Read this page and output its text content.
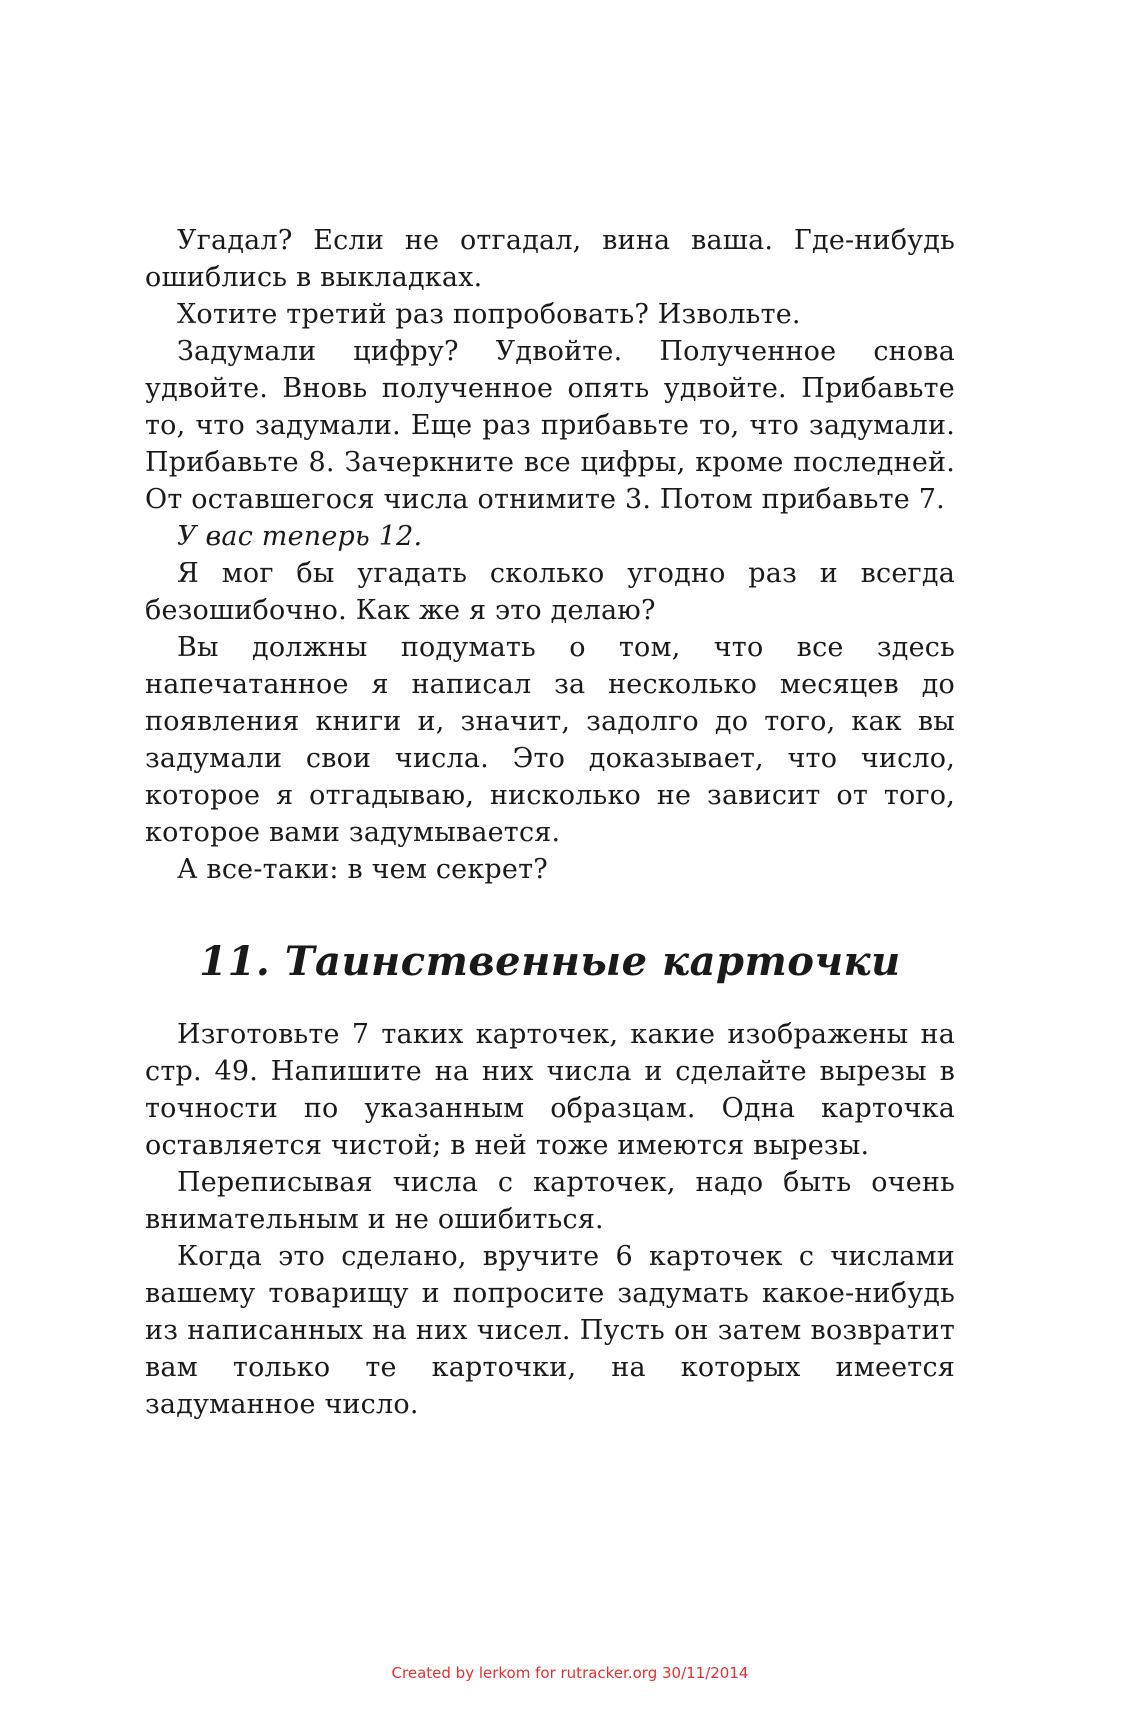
Угадал? Если не отгадал, вина ваша. Где-нибудь ошиблись в выкладках.

Хотите третий раз попробовать? Извольте.

Задумали цифру? Удвойте. Полученное снова удвойте. Вновь полученное опять удвойте. Прибавьте то, что задумали. Еще раз прибавьте то, что задумали. Прибавьте 8. Зачеркните все цифры, кроме последней. От оставшегося числа отнимите 3. Потом прибавьте 7.

У вас теперь 12.

Я мог бы угадать сколько угодно раз и всегда безошибочно. Как же я это делаю?

Вы должны подумать о том, что все здесь напечатанное я написал за несколько месяцев до появления книги и, значит, задолго до того, как вы задумали свои числа. Это доказывает, что число, которое я отгадываю, нисколько не зависит от того, которое вами задумывается.

А все-таки: в чем секрет?

11. Таинственные карточки

Изготовьте 7 таких карточек, какие изображены на стр. 49. Напишите на них числа и сделайте вырезы в точности по указанным образцам. Одна карточка оставляется чистой; в ней тоже имеются вырезы.

Переписывая числа с карточек, надо быть очень внимательным и не ошибиться.

Когда это сделано, вручите 6 карточек с числами вашему товарищу и попросите задумать какое-нибудь из написанных на них чисел. Пусть он затем возвратит вам только те карточки, на которых имеется задуманное число.

Created by lerkom for rutracker.org 30/11/2014
